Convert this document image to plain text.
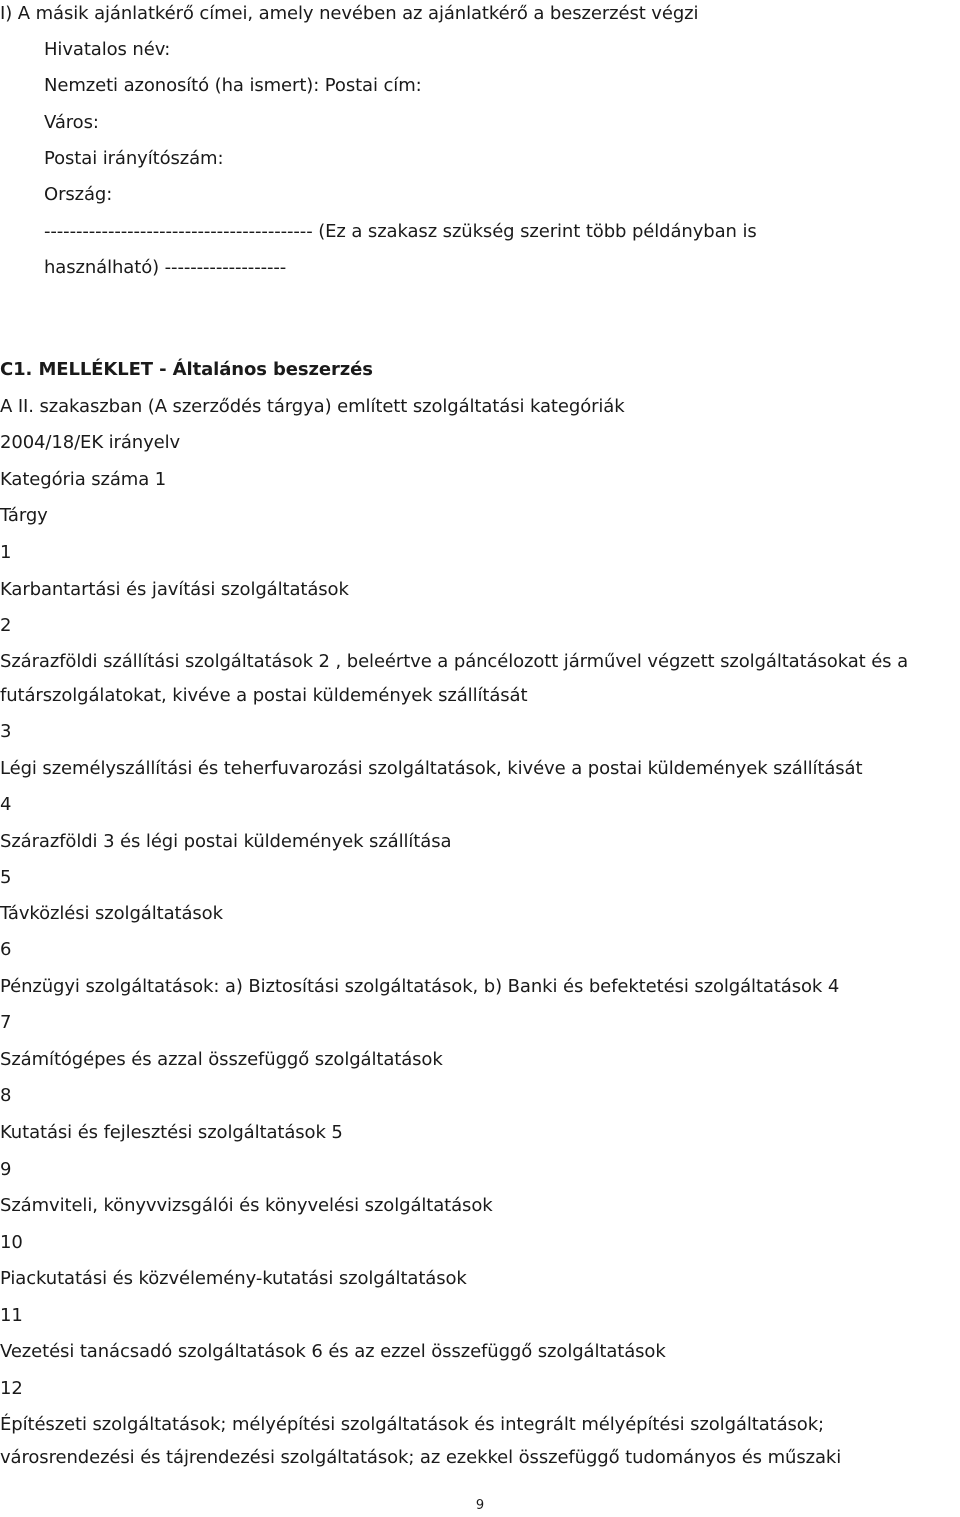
I) A másik ajánlatkérő címei, amely nevében az ajánlatkérő a beszerzést végzi
Hivatalos név:
Nemzeti azonosító (ha ismert): Postai cím:
Város:
Postai irányítószám:
Ország:
------------------------------------------ (Ez a szakasz szükség szerint több példányban is
használható) -------------------
C1. MELLÉKLET - Általános beszerzés
A II. szakaszban (A szerződés tárgya) említett szolgáltatási kategóriák
2004/18/EK irányelv
Kategória száma 1
Tárgy
1
Karbantartási és javítási szolgáltatások
2
Szárazföldi szállítási szolgáltatások 2 , beleértve a páncélozott járművel végzett szolgáltatásokat és a
futárszolgálatokat, kivéve a postai küldemények szállítását
3
Légi személyszállítási és teherfuvarozási szolgáltatások, kivéve a postai küldemények szállítását
4
Szárazföldi 3 és légi postai küldemények szállítása
5
Távközlési szolgáltatások
6
Pénzügyi szolgáltatások: a) Biztosítási szolgáltatások, b) Banki és befektetési szolgáltatások 4
7
Számítógépes és azzal összefüggő szolgáltatások
8
Kutatási és fejlesztési szolgáltatások 5
9
Számviteli, könyvvizsgálói és könyvelési szolgáltatások
10
Piackutatási és közvélemény-kutatási szolgáltatások
11
Vezetési tanácsadó szolgáltatások 6 és az ezzel összefüggő szolgáltatások
12
Építészeti szolgáltatások; mélyépítési szolgáltatások és integrált mélyépítési szolgáltatások;
városrendezési és tájrendezési szolgáltatások; az ezekkel összefüggő tudományos és műszaki
9
